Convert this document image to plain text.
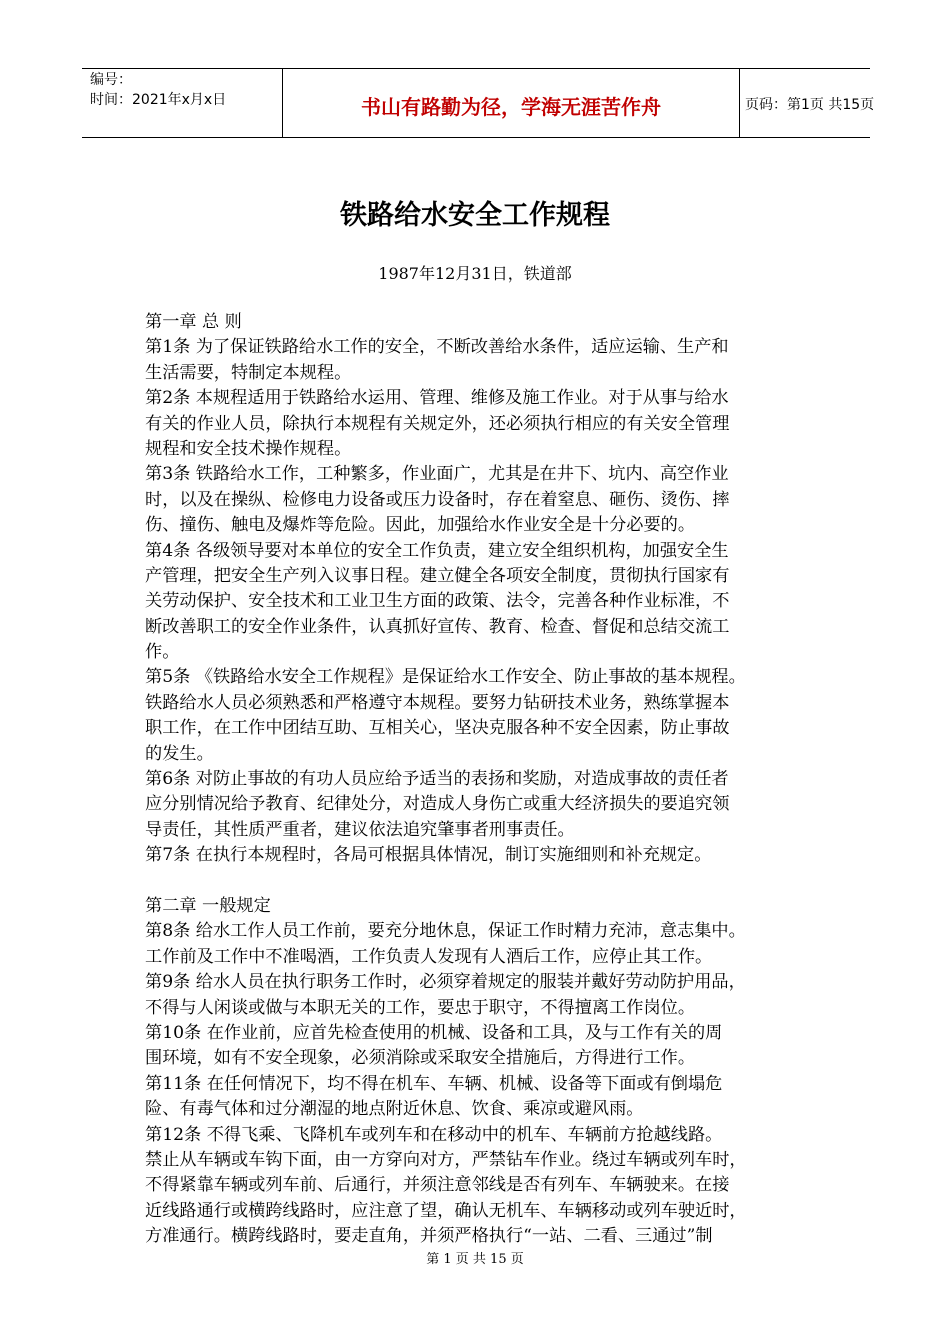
编号：
时间：2021年x月x日	书山有路勤为径，学海无涯苦作舟	页码：第1页 共15页
铁路给水安全工作规程
1987年12月31日，铁道部
第一章 总 则
第1条 为了保证铁路给水工作的安全，不断改善给水条件，适应运输、生产和
生活需要，特制定本规程。
第2条 本规程适用于铁路给水运用、管理、维修及施工作业。对于从事与给水
有关的作业人员，除执行本规程有关规定外，还必须执行相应的有关安全管理
规程和安全技术操作规程。
第3条 铁路给水工作，工种繁多，作业面广，尤其是在井下、坑内、高空作业
时，以及在操纵、检修电力设备或压力设备时，存在着窒息、砸伤、烫伤、摔
伤、撞伤、触电及爆炸等危险。因此，加强给水作业安全是十分必要的。
第4条 各级领导要对本单位的安全工作负责，建立安全组织机构，加强安全生
产管理，把安全生产列入议事日程。建立健全各项安全制度，贯彻执行国家有
关劳动保护、安全技术和工业卫生方面的政策、法令，完善各种作业标准，不
断改善职工的安全作业条件，认真抓好宣传、教育、检查、督促和总结交流工
作。
第5条 《铁路给水安全工作规程》是保证给水工作安全、防止事故的基本规程。
铁路给水人员必须熟悉和严格遵守本规程。要努力钻研技术业务，熟练掌握本
职工作，在工作中团结互助、互相关心，坚决克服各种不安全因素，防止事故
的发生。
第6条 对防止事故的有功人员应给予适当的表扬和奖励，对造成事故的责任者
应分别情况给予教育、纪律处分，对造成人身伤亡或重大经济损失的要追究领
导责任，其性质严重者，建议依法追究肇事者刑事责任。
第7条 在执行本规程时，各局可根据具体情况，制订实施细则和补充规定。
第二章 一般规定
第8条 给水工作人员工作前，要充分地休息，保证工作时精力充沛，意志集中。
工作前及工作中不准喝酒，工作负责人发现有人酒后工作，应停止其工作。
第9条 给水人员在执行职务工作时，必须穿着规定的服装并戴好劳动防护用品，
不得与人闲谈或做与本职无关的工作，要忠于职守，不得擅离工作岗位。
第10条 在作业前，应首先检查使用的机械、设备和工具，及与工作有关的周
围环境，如有不安全现象，必须消除或采取安全措施后，方得进行工作。
第11条 在任何情况下，均不得在机车、车辆、机械、设备等下面或有倒塌危
险、有毒气体和过分潮湿的地点附近休息、饮食、乘凉或避风雨。
第12条 不得飞乘、飞降机车或列车和在移动中的机车、车辆前方抢越线路。
禁止从车辆或车钩下面，由一方穿向对方，严禁钻车作业。绕过车辆或列车时，
不得紧靠车辆或列车前、后通行，并须注意邻线是否有列车、车辆驶来。在接
近线路通行或横跨线路时，应注意了望，确认无机车、车辆移动或列车驶近时，
方准通行。横跨线路时，要走直角，并须严格执行“一站、二看、三通过”制
第 1 页 共 15 页
